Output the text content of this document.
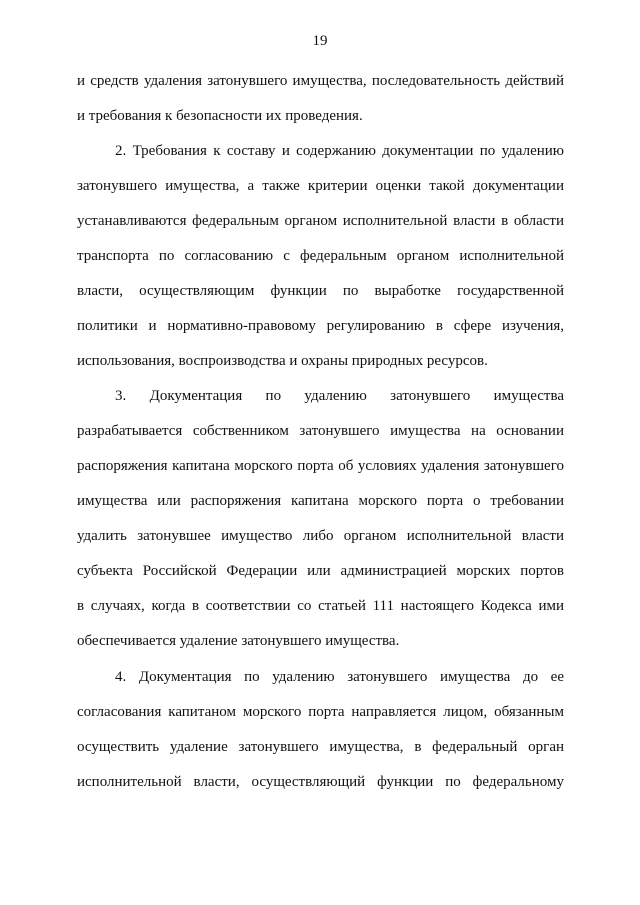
19
и средств удаления затонувшего имущества, последовательность действий
и требования к безопасности их проведения.
2. Требования к составу и содержанию документации по удалению
затонувшего имущества, а также критерии оценки такой документации
устанавливаются федеральным органом исполнительной власти в области
транспорта по согласованию с федеральным органом исполнительной
власти, осуществляющим функции по выработке государственной
политики и нормативно-правовому регулированию в сфере изучения,
использования, воспроизводства и охраны природных ресурсов.
3. Документация по удалению затонувшего имущества
разрабатывается собственником затонувшего имущества на основании
распоряжения капитана морского порта об условиях удаления затонувшего
имущества или распоряжения капитана морского порта о требовании
удалить затонувшее имущество либо органом исполнительной власти
субъекта Российской Федерации или администрацией морских портов
в случаях, когда в соответствии со статьей 111 настоящего Кодекса ими
обеспечивается удаление затонувшего имущества.
4. Документация по удалению затонувшего имущества до ее
согласования капитаном морского порта направляется лицом, обязанным
осуществить удаление затонувшего имущества, в федеральный орган
исполнительной власти, осуществляющий функции по федеральному
